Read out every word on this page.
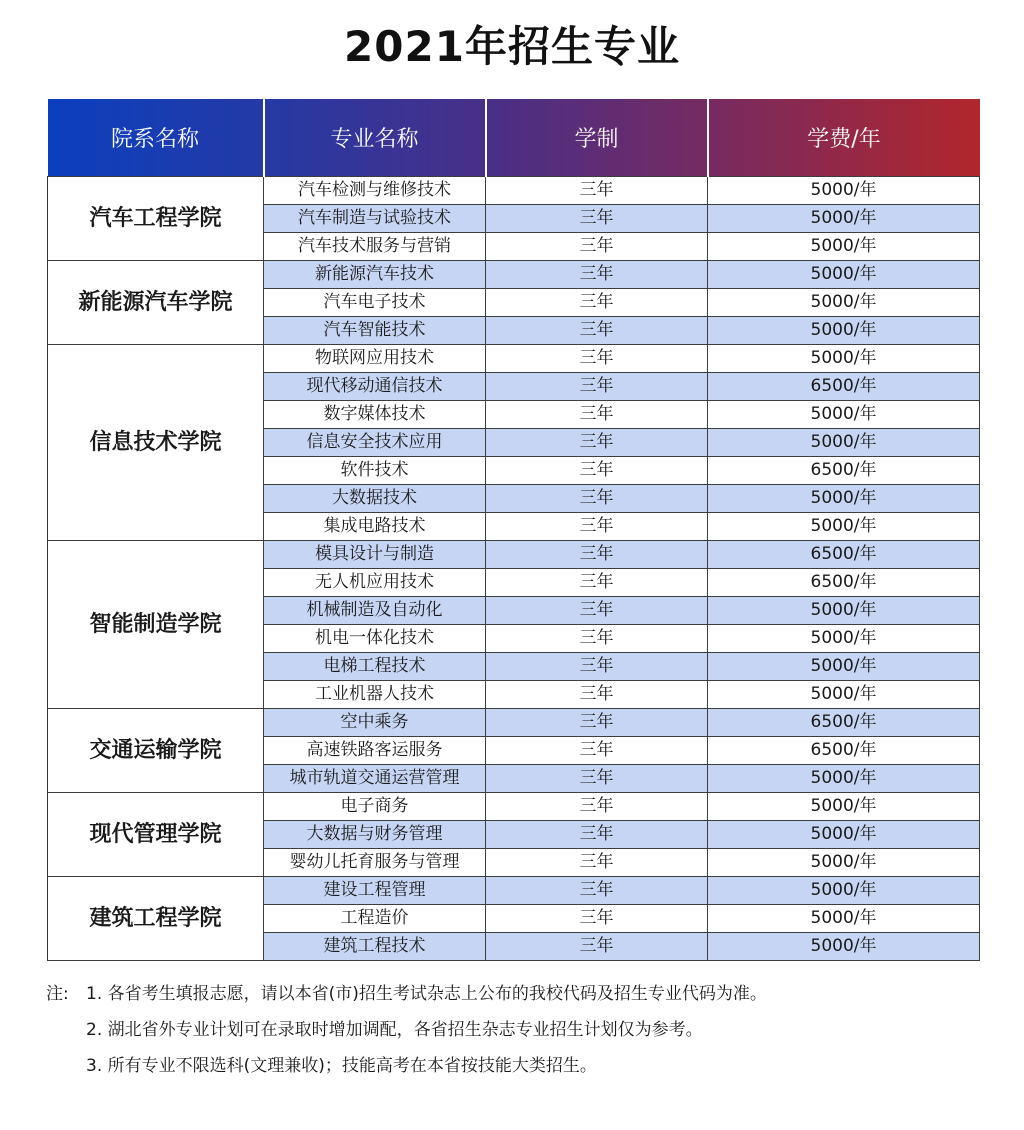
2021年招生专业
院系名称	专业名称	学制	学费/年
汽车工程学院	汽车检测与维修技术	三年	5000/年
	汽车制造与试验技术	三年	5000/年
	汽车技术服务与营销	三年	5000/年
新能源汽车学院	新能源汽车技术	三年	5000/年
	汽车电子技术	三年	5000/年
	汽车智能技术	三年	5000/年
信息技术学院	物联网应用技术	三年	5000/年
	现代移动通信技术	三年	6500/年
	数字媒体技术	三年	5000/年
	信息安全技术应用	三年	5000/年
	软件技术	三年	6500/年
	大数据技术	三年	5000/年
	集成电路技术	三年	5000/年
智能制造学院	模具设计与制造	三年	6500/年
	无人机应用技术	三年	6500/年
	机械制造及自动化	三年	5000/年
	机电一体化技术	三年	5000/年
	电梯工程技术	三年	5000/年
	工业机器人技术	三年	5000/年
交通运输学院	空中乘务	三年	6500/年
	高速铁路客运服务	三年	6500/年
	城市轨道交通运营管理	三年	5000/年
现代管理学院	电子商务	三年	5000/年
	大数据与财务管理	三年	5000/年
	婴幼儿托育服务与管理	三年	5000/年
建筑工程学院	建设工程管理	三年	5000/年
	工程造价	三年	5000/年
	建筑工程技术	三年	5000/年
注: 1. 各省考生填报志愿，请以本省(市)招生考试杂志上公布的我校代码及招生专业代码为准。
2. 湖北省外专业计划可在录取时增加调配，各省招生杂志专业招生计划仅为参考。
3. 所有专业不限选科(文理兼收)；技能高考在本省按技能大类招生。
